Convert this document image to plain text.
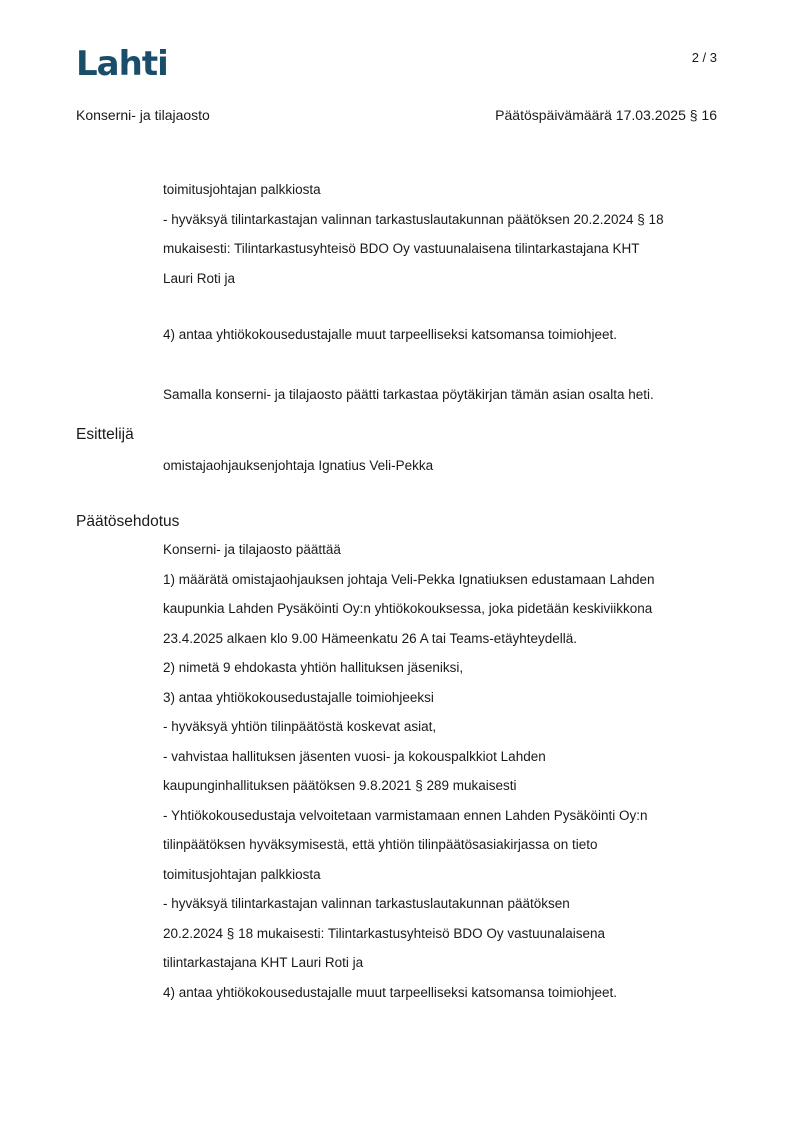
Lahti	2 / 3
Konserni- ja tilajaosto	Päätöspäivämäärä 17.03.2025 § 16

toimitusjohtajan palkkiosta

- hyväksyä tilintarkastajan valinnan tarkastuslautakunnan päätöksen 20.2.2024 § 18

mukaisesti: Tilintarkastusyhteisö BDO Oy vastuunalaisena tilintarkastajana KHT

Lauri Roti ja

4) antaa yhtiökokousedustajalle muut tarpeelliseksi katsomansa toimiohjeet.

Samalla konserni- ja tilajaosto päätti tarkastaa pöytäkirjan tämän asian osalta heti.

Esittelijä

omistajaohjauksenjohtaja Ignatius Veli-Pekka

Päätösehdotus

Konserni- ja tilajaosto päättää

1) määrätä omistajaohjauksen johtaja Veli-Pekka Ignatiuksen edustamaan Lahden

kaupunkia Lahden Pysäköinti Oy:n yhtiökokouksessa, joka pidetään keskiviikkona

23.4.2025 alkaen klo 9.00 Hämeenkatu 26 A tai Teams-etäyhteydellä.

2) nimetä 9 ehdokasta yhtiön hallituksen jäseniksi,

3) antaa yhtiökokousedustajalle toimiohjeeksi

- hyväksyä yhtiön tilinpäätöstä koskevat asiat,

- vahvistaa hallituksen jäsenten vuosi- ja kokouspalkkiot Lahden

kaupunginhallituksen päätöksen 9.8.2021 § 289 mukaisesti

- Yhtiökokousedustaja velvoitetaan varmistamaan ennen Lahden Pysäköinti Oy:n

tilinpäätöksen hyväksymisestä, että yhtiön tilinpäätösasiakirjassa on tieto

toimitusjohtajan palkkiosta

- hyväksyä tilintarkastajan valinnan tarkastuslautakunnan päätöksen

20.2.2024 § 18 mukaisesti: Tilintarkastusyhteisö BDO Oy vastuunalaisena

tilintarkastajana KHT Lauri Roti ja

4) antaa yhtiökokousedustajalle muut tarpeelliseksi katsomansa toimiohjeet.
